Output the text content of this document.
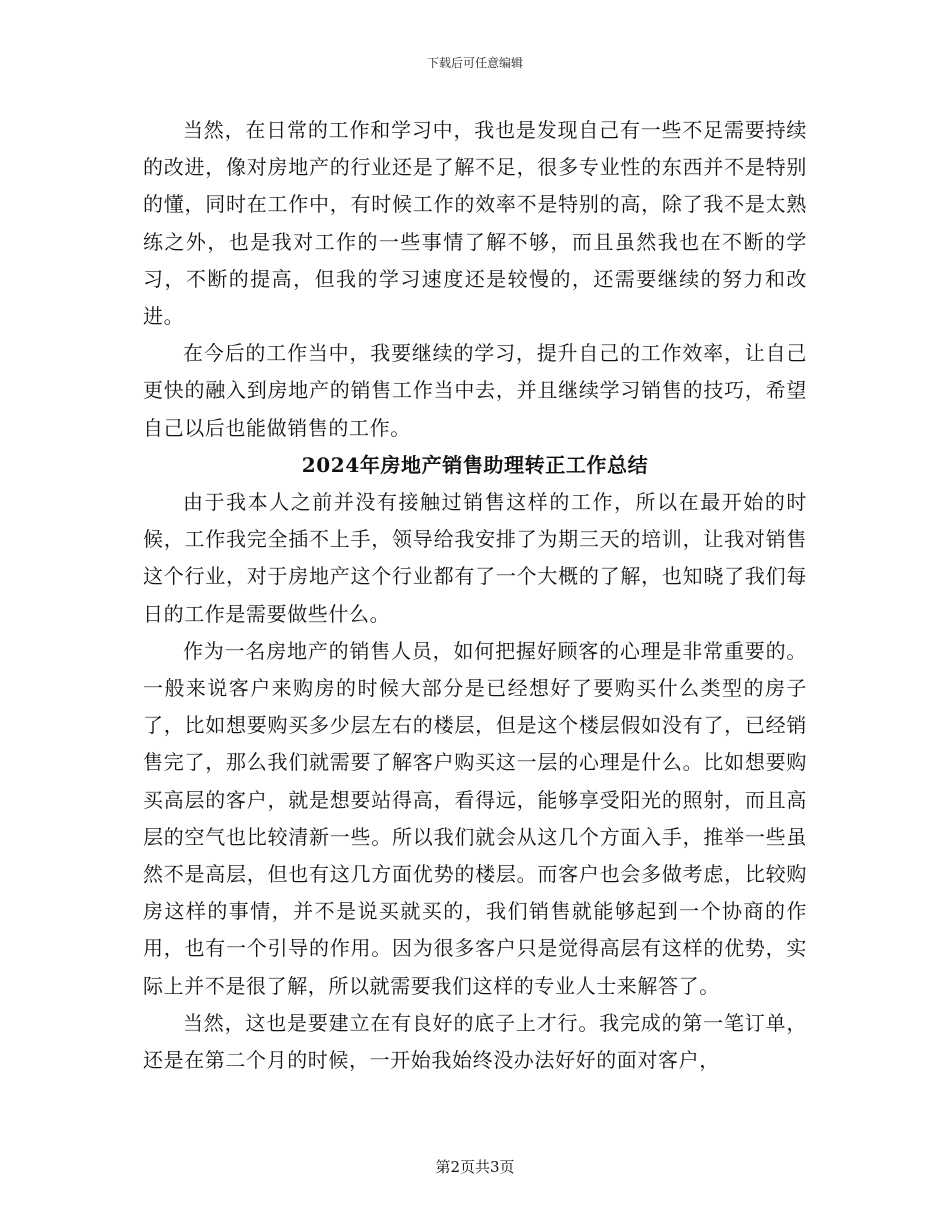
下载后可任意编辑

当然，在日常的工作和学习中，我也是发现自己有一些不足需要持续的改进，像对房地产的行业还是了解不足，很多专业性的东西并不是特别的懂，同时在工作中，有时候工作的效率不是特别的高，除了我不是太熟练之外，也是我对工作的一些事情了解不够，而且虽然我也在不断的学习，不断的提高，但我的学习速度还是较慢的，还需要继续的努力和改进。

在今后的工作当中，我要继续的学习，提升自己的工作效率，让自己更快的融入到房地产的销售工作当中去，并且继续学习销售的技巧，希望自己以后也能做销售的工作。

2024年房地产销售助理转正工作总结

由于我本人之前并没有接触过销售这样的工作，所以在最开始的时候，工作我完全插不上手，领导给我安排了为期三天的培训，让我对销售这个行业，对于房地产这个行业都有了一个大概的了解，也知晓了我们每日的工作是需要做些什么。

作为一名房地产的销售人员，如何把握好顾客的心理是非常重要的。一般来说客户来购房的时候大部分是已经想好了要购买什么类型的房子了，比如想要购买多少层左右的楼层，但是这个楼层假如没有了，已经销售完了，那么我们就需要了解客户购买这一层的心理是什么。比如想要购买高层的客户，就是想要站得高，看得远，能够享受阳光的照射，而且高层的空气也比较清新一些。所以我们就会从这几个方面入手，推举一些虽然不是高层，但也有这几方面优势的楼层。而客户也会多做考虑，比较购房这样的事情，并不是说买就买的，我们销售就能够起到一个协商的作用，也有一个引导的作用。因为很多客户只是觉得高层有这样的优势，实际上并不是很了解，所以就需要我们这样的专业人士来解答了。

当然，这也是要建立在有良好的底子上才行。我完成的第一笔订单，还是在第二个月的时候，一开始我始终没办法好好的面对客户，

第2页共3页
